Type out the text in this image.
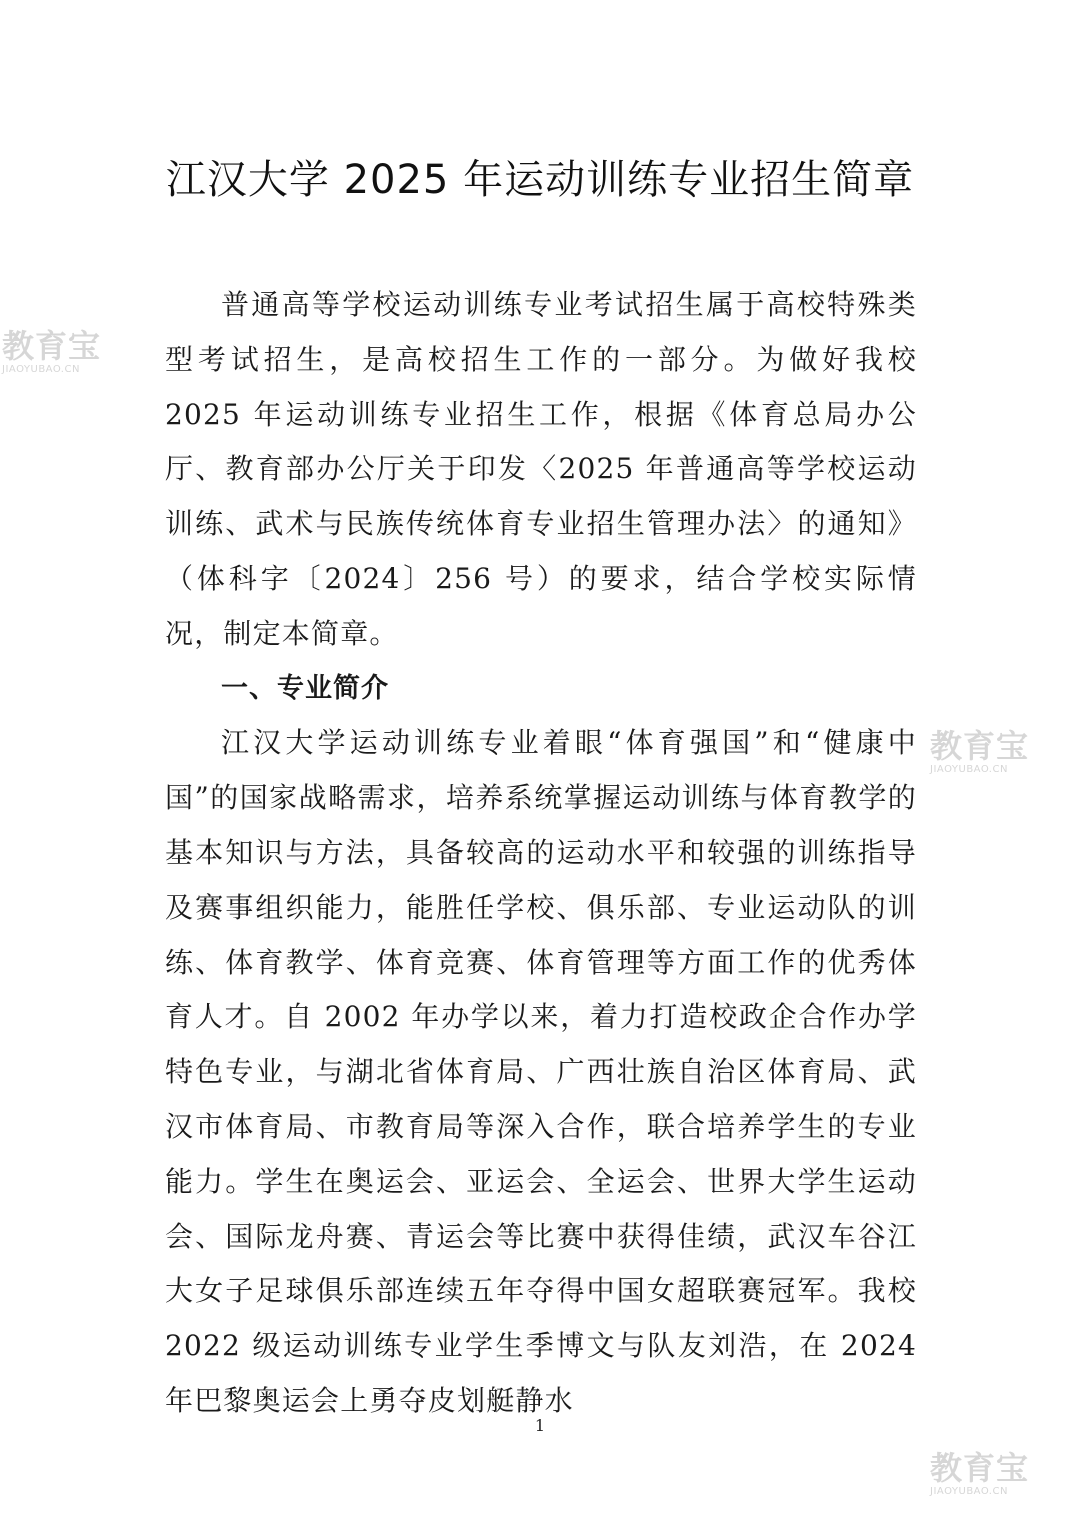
江汉大学 2025 年运动训练专业招生简章

普通高等学校运动训练专业考试招生属于高校特殊类型考试招生，是高校招生工作的一部分。为做好我校 2025 年运动训练专业招生工作，根据《体育总局办公厅、教育部办公厅关于印发〈2025 年普通高等学校运动训练、武术与民族传统体育专业招生管理办法〉的通知》（体科字〔2024〕256 号）的要求，结合学校实际情况，制定本简章。

一、专业简介

江汉大学运动训练专业着眼“体育强国”和“健康中国”的国家战略需求，培养系统掌握运动训练与体育教学的基本知识与方法，具备较高的运动水平和较强的训练指导及赛事组织能力，能胜任学校、俱乐部、专业运动队的训练、体育教学、体育竞赛、体育管理等方面工作的优秀体育人才。自 2002 年办学以来，着力打造校政企合作办学特色专业，与湖北省体育局、广西壮族自治区体育局、武汉市体育局、市教育局等深入合作，联合培养学生的专业能力。学生在奥运会、亚运会、全运会、世界大学生运动会、国际龙舟赛、青运会等比赛中获得佳绩，武汉车谷江大女子足球俱乐部连续五年夺得中国女超联赛冠军。我校 2022 级运动训练专业学生季博文与队友刘浩，在 2024 年巴黎奥运会上勇夺皮划艇静水

1
教育宝
JIAOYUBAO.CN
教育宝
JIAOYUBAO.CN
教育宝
JIAOYUBAO.CN
